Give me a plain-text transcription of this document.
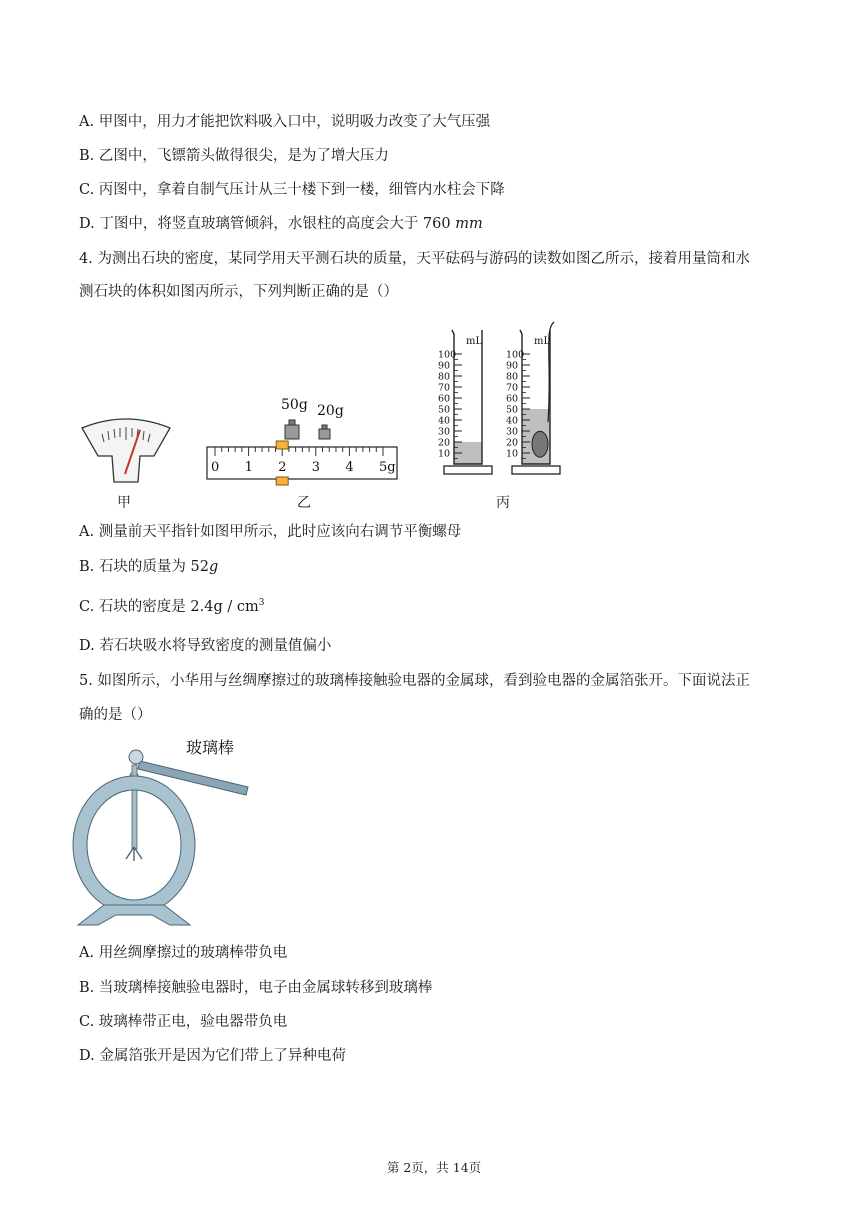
A. 甲图中，用力才能把饮料吸入口中，说明吸力改变了大气压强
B. 乙图中，飞镖箭头做得很尖，是为了增大压力
C. 丙图中，拿着自制气压计从三十楼下到一楼，细管内水柱会下降
D. 丁图中，将竖直玻璃管倾斜，水银柱的高度会大于 760 mm
4. 为测出石块的密度，某同学用天平测石块的质量，天平砝码与游码的读数如图乙所示，接着用量筒和水
测石块的体积如图丙所示，下列判断正确的是（）
甲
50g 20g
0 1 2 3 4 5g
乙
mL
100
90
80
70
60
50
40
30
20
10
mL
100
90
80
70
60
50
40
30
20
10
丙
A. 测量前天平指针如图甲所示，此时应该向右调节平衡螺母
B. 石块的质量为 52g
C. 石块的密度是 $2.4g / cm^3$
D. 若石块吸水将导致密度的测量值偏小
5. 如图所示，小华用与丝绸摩擦过的玻璃棒接触验电器的金属球，看到验电器的金属箔张开。下面说法正
确的是（）
玻璃棒
A. 用丝绸摩擦过的玻璃棒带负电
B. 当玻璃棒接触验电器时，电子由金属球转移到玻璃棒
C. 玻璃棒带正电，验电器带负电
D. 金属箔张开是因为它们带上了异种电荷
第 2页，共 14页
